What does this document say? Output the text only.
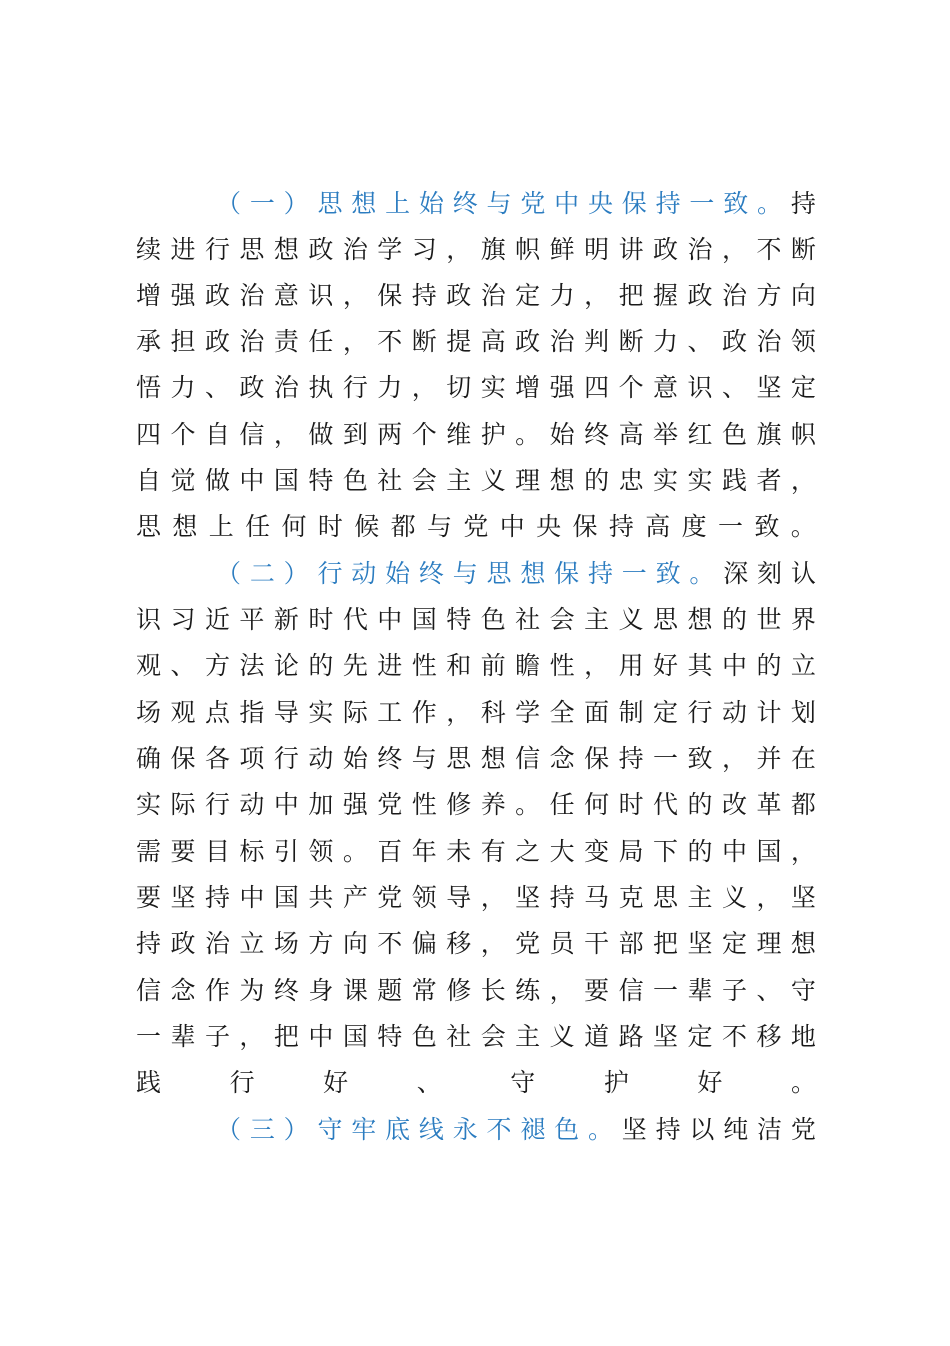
（ 一 ） 思 想 上 始 终 与 党 中 央 保 持 一 致 。 持
续 进 行 思 想 政 治 学 习 ， 旗 帜 鲜 明 讲 政 治 ， 不 断
增 强 政 治 意 识 ， 保 持 政 治 定 力 ， 把 握 政 治 方 向
承 担 政 治 责 任 ， 不 断 提 高 政 治 判 断 力 、 政 治 领
悟 力 、 政 治 执 行 力 ， 切 实 增 强 四 个 意 识 、 坚 定
四 个 自 信 ， 做 到 两 个 维 护 。 始 终 高 举 红 色 旗 帜
自 觉 做 中 国 特 色 社 会 主 义 理 想 的 忠 实 实 践 者 ，
思 想 上 任 何 时 候 都 与 党 中 央 保 持 高 度 一 致 。
（ 二 ） 行 动 始 终 与 思 想 保 持 一 致 。 深 刻 认
识 习 近 平 新 时 代 中 国 特 色 社 会 主 义 思 想 的 世 界
观 、 方 法 论 的 先 进 性 和 前 瞻 性 ， 用 好 其 中 的 立
场 观 点 指 导 实 际 工 作 ， 科 学 全 面 制 定 行 动 计 划
确 保 各 项 行 动 始 终 与 思 想 信 念 保 持 一 致 ， 并 在
实 际 行 动 中 加 强 党 性 修 养 。 任 何 时 代 的 改 革 都
需 要 目 标 引 领 。 百 年 未 有 之 大 变 局 下 的 中 国 ，
要 坚 持 中 国 共 产 党 领 导 ， 坚 持 马 克 思 主 义 ， 坚
持 政 治 立 场 方 向 不 偏 移 ， 党 员 干 部 把 坚 定 理 想
信 念 作 为 终 身 课 题 常 修 长 练 ， 要 信 一 辈 子 、 守
一 辈 子 ， 把 中 国 特 色 社 会 主 义 道 路 坚 定 不 移 地
践	行	好	、	守	护	好	。
（ 三 ） 守 牢 底 线 永 不 褪 色 。 坚 持 以 纯 洁 党
